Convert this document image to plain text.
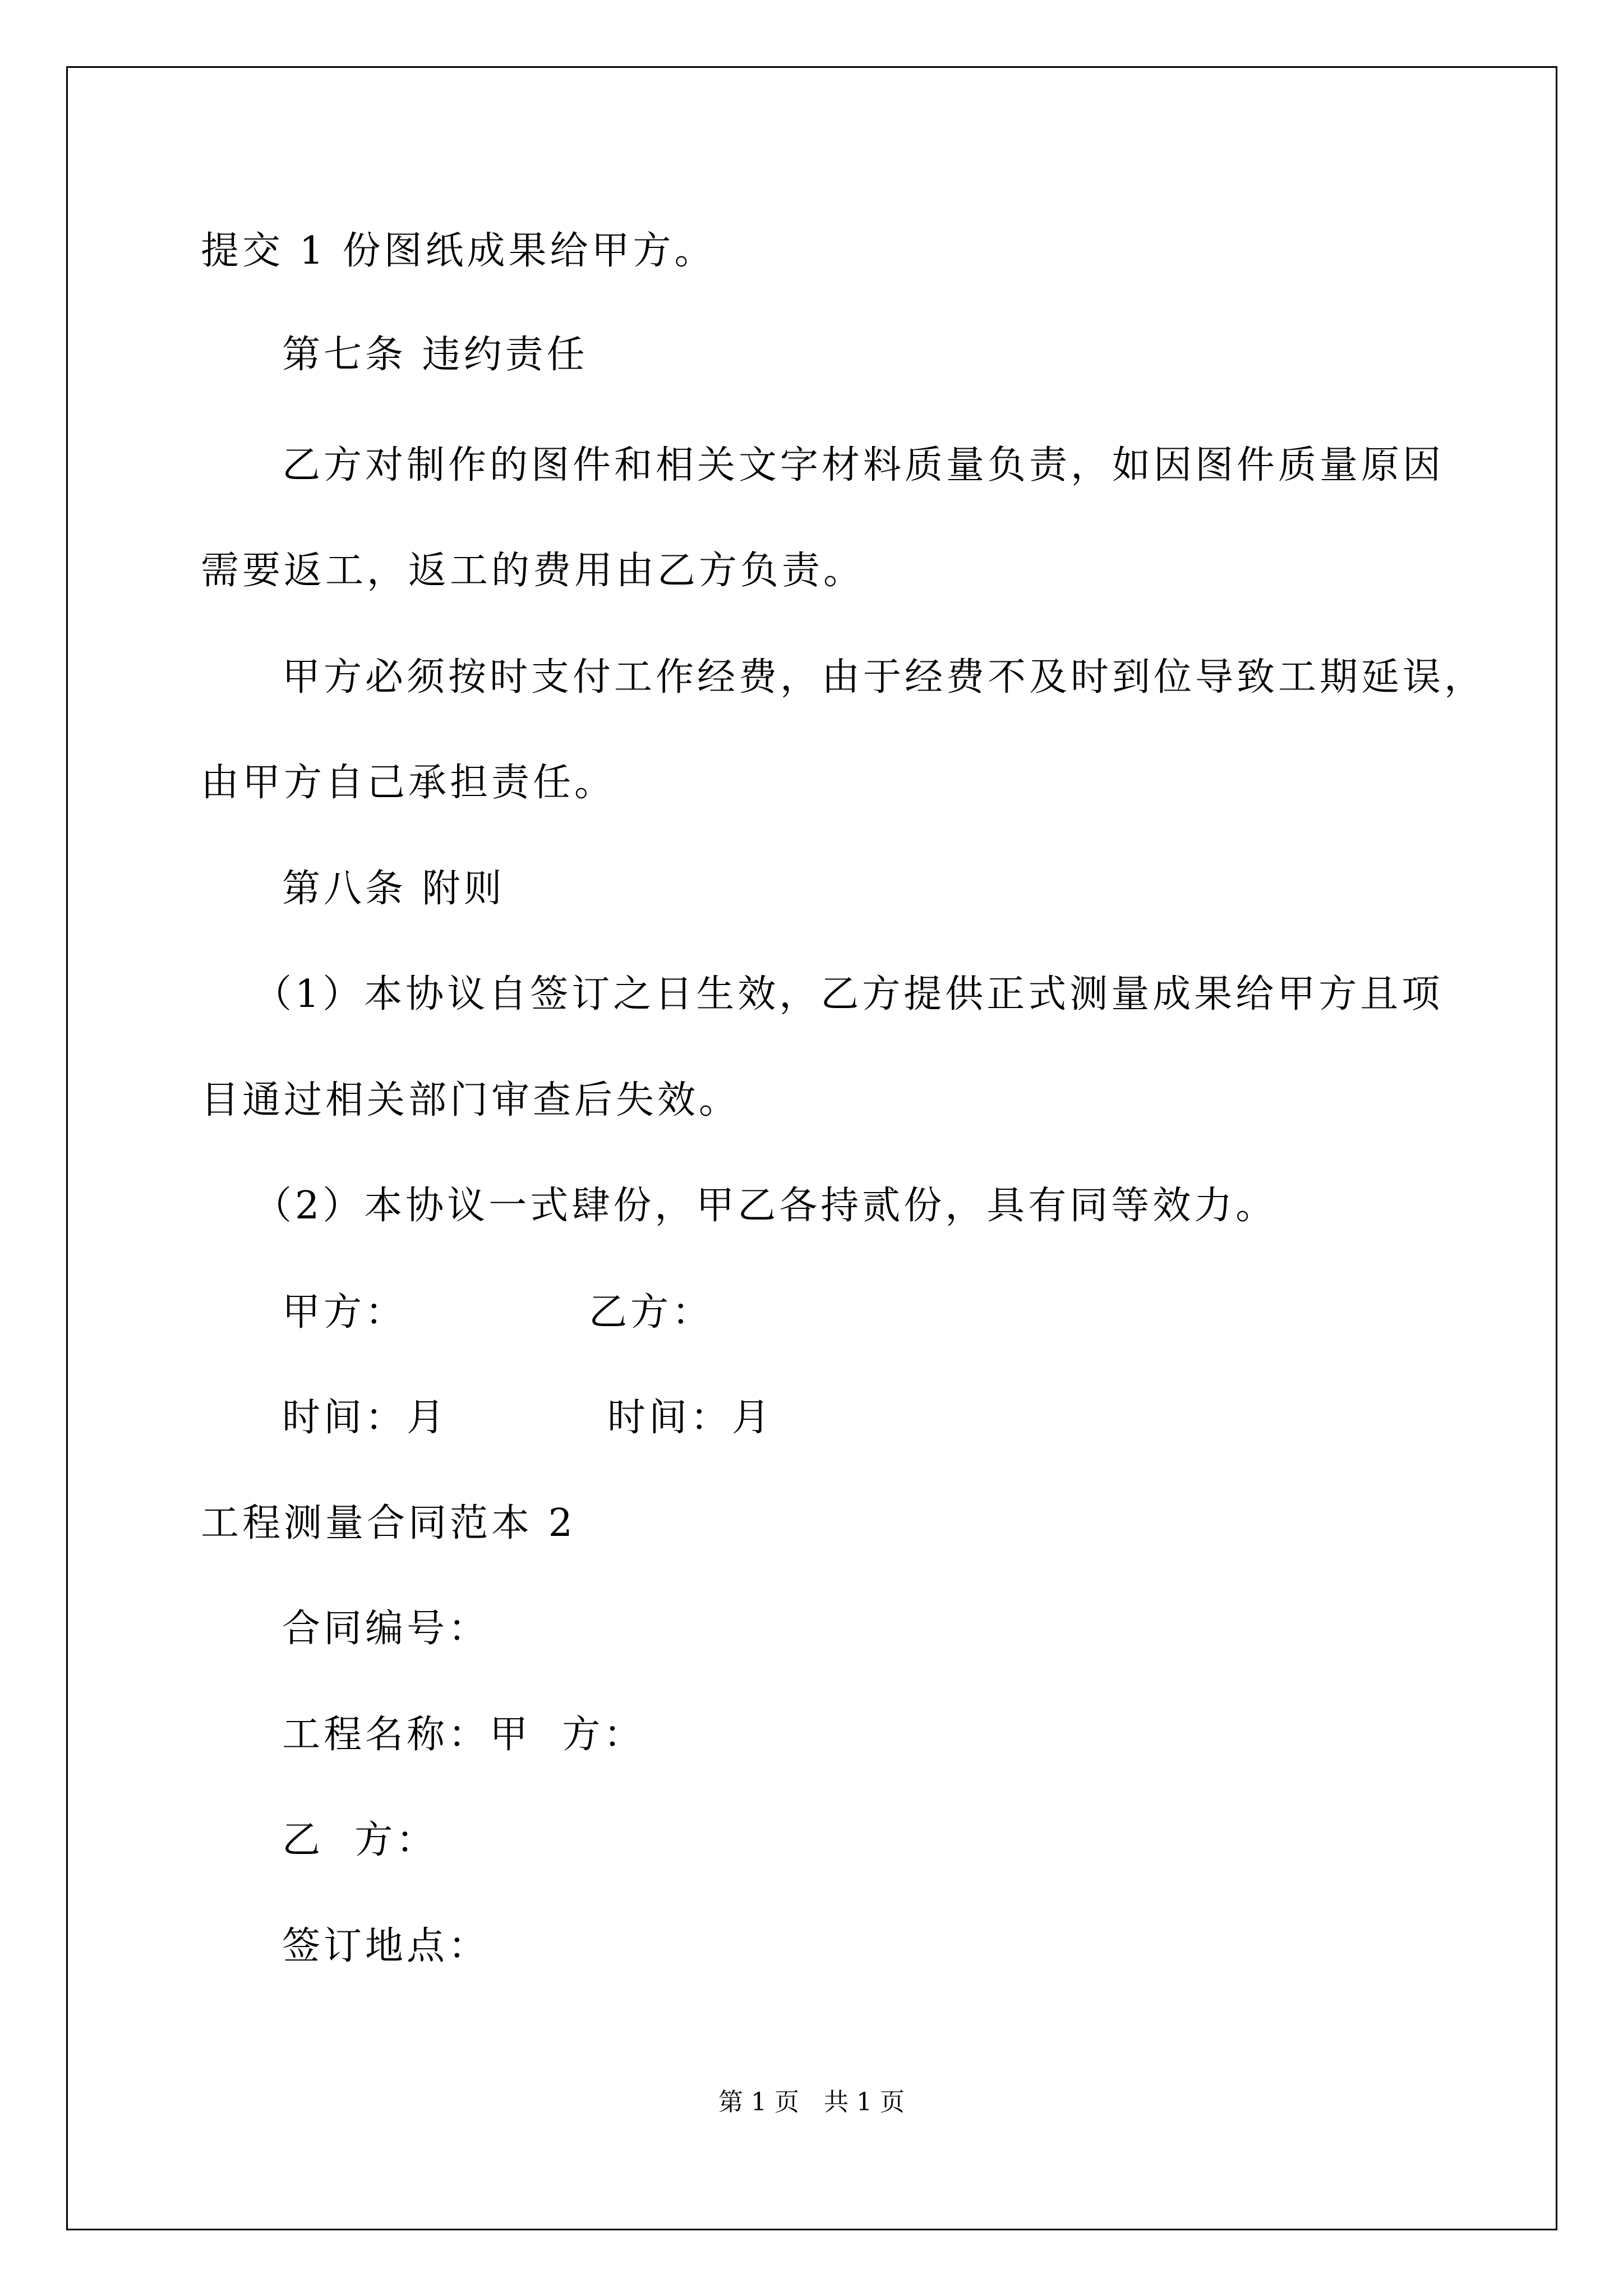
提交 1 份图纸成果给甲方。
第七条 违约责任
乙方对制作的图件和相关文字材料质量负责，如因图件质量原因
需要返工，返工的费用由乙方负责。
甲方必须按时支付工作经费，由于经费不及时到位导致工期延误，
由甲方自己承担责任。
第八条 附则
（1）本协议自签订之日生效，乙方提供正式测量成果给甲方且项
目通过相关部门审查后失效。
（2）本协议一式肆份，甲乙各持贰份，具有同等效力。
甲方：	乙方：
时间：月	时间：月
工程测量合同范本 2
合同编号：
工程名称：甲  方：
乙  方：
签订地点：
第 1 页　共 1 页
